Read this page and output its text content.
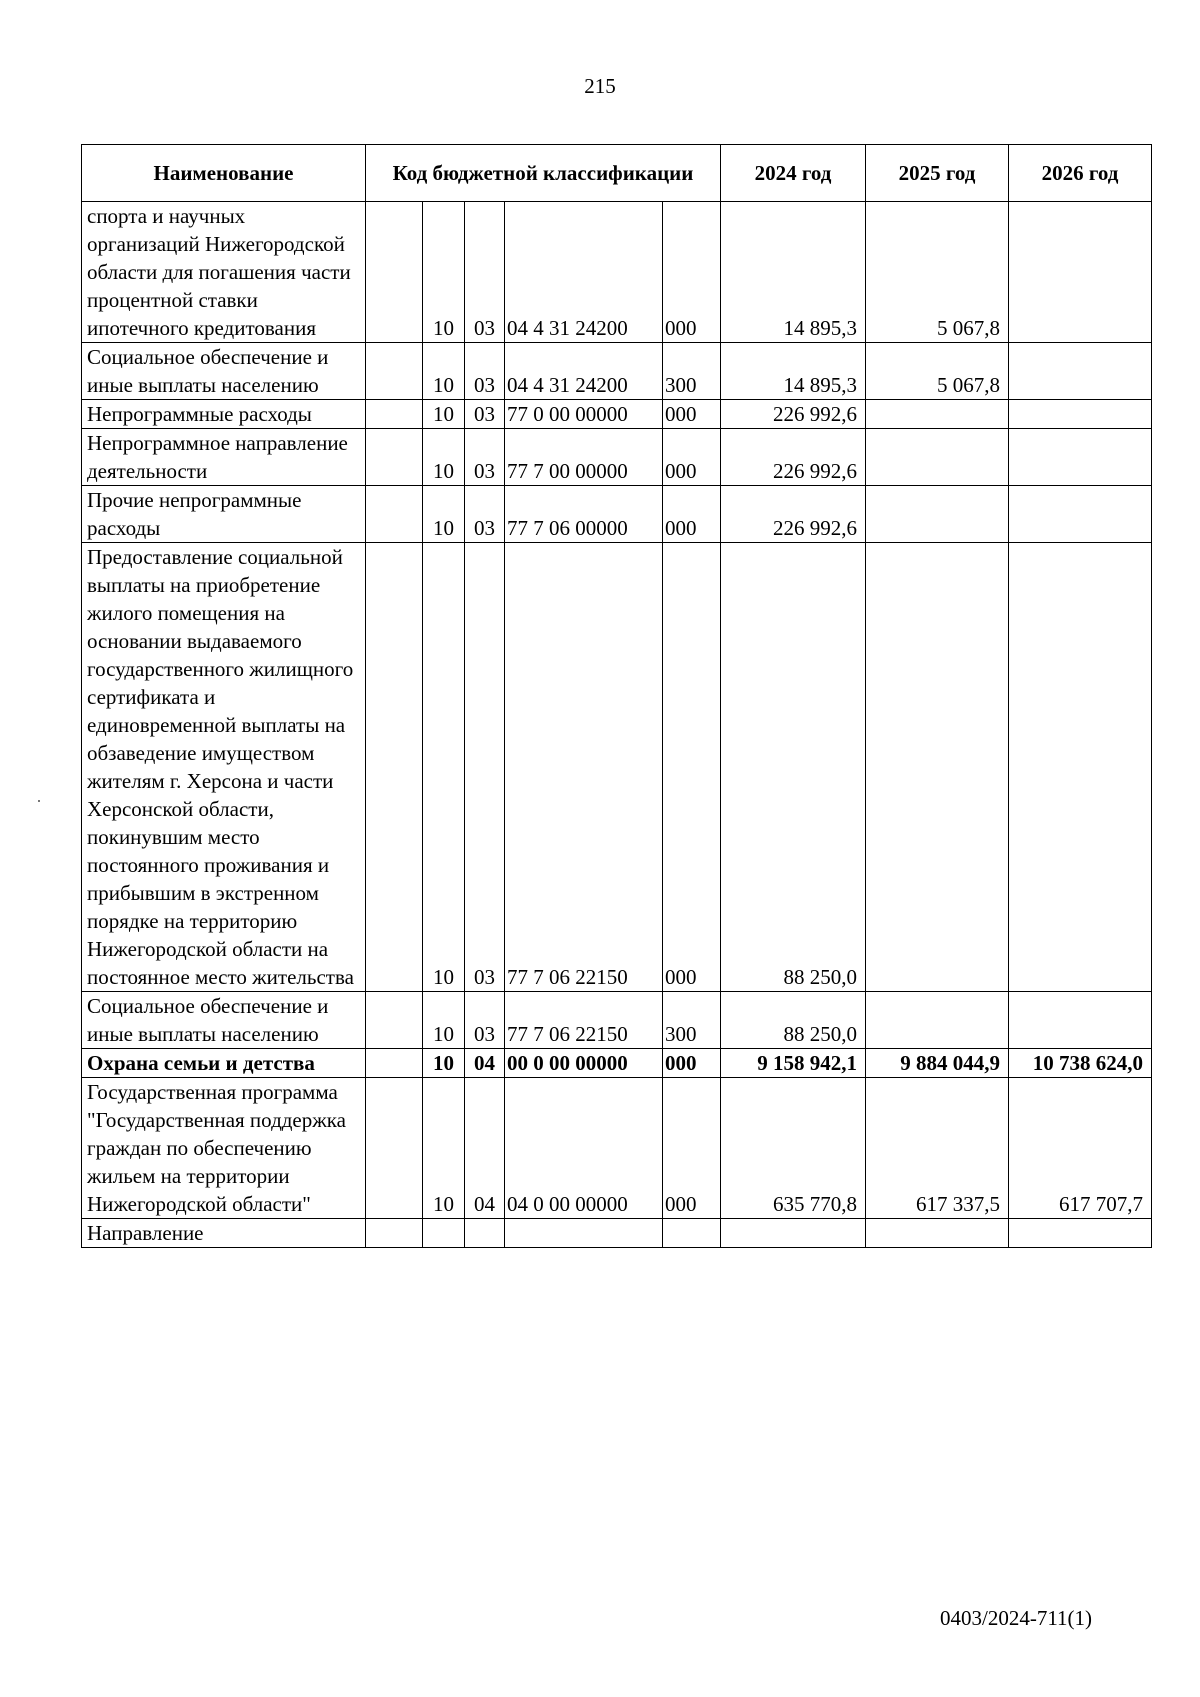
215
Наименование	Код бюджетной классификации					2024 год	2025 год	2026 год
спорта и научных организаций Нижегородской области для погашения части процентной ставки ипотечного кредитования		10	03	04 4 31 24200	000	14 895,3	5 067,8	
Социальное обеспечение и иные выплаты населению		10	03	04 4 31 24200	300	14 895,3	5 067,8	
Непрограммные расходы		10	03	77 0 00 00000	000	226 992,6		
Непрограммное направление деятельности		10	03	77 7 00 00000	000	226 992,6		
Прочие непрограммные расходы		10	03	77 7 06 00000	000	226 992,6		
Предоставление социальной выплаты на приобретение жилого помещения на основании выдаваемого государственного жилищного сертификата и единовременной выплаты на обзаведение имуществом жителям г. Херсона и части Херсонской области, покинувшим место постоянного проживания и прибывшим в экстренном порядке на территорию Нижегородской области на постоянное место жительства		10	03	77 7 06 22150	000	88 250,0		
Социальное обеспечение и иные выплаты населению		10	03	77 7 06 22150	300	88 250,0		
Охрана семьи и детства		10	04	00 0 00 00000	000	9 158 942,1	9 884 044,9	10 738 624,0
Государственная программа "Государственная поддержка граждан по обеспечению жильем на территории Нижегородской области"		10	04	04 0 00 00000	000	635 770,8	617 337,5	617 707,7
Направление								
0403/2024-711(1)
